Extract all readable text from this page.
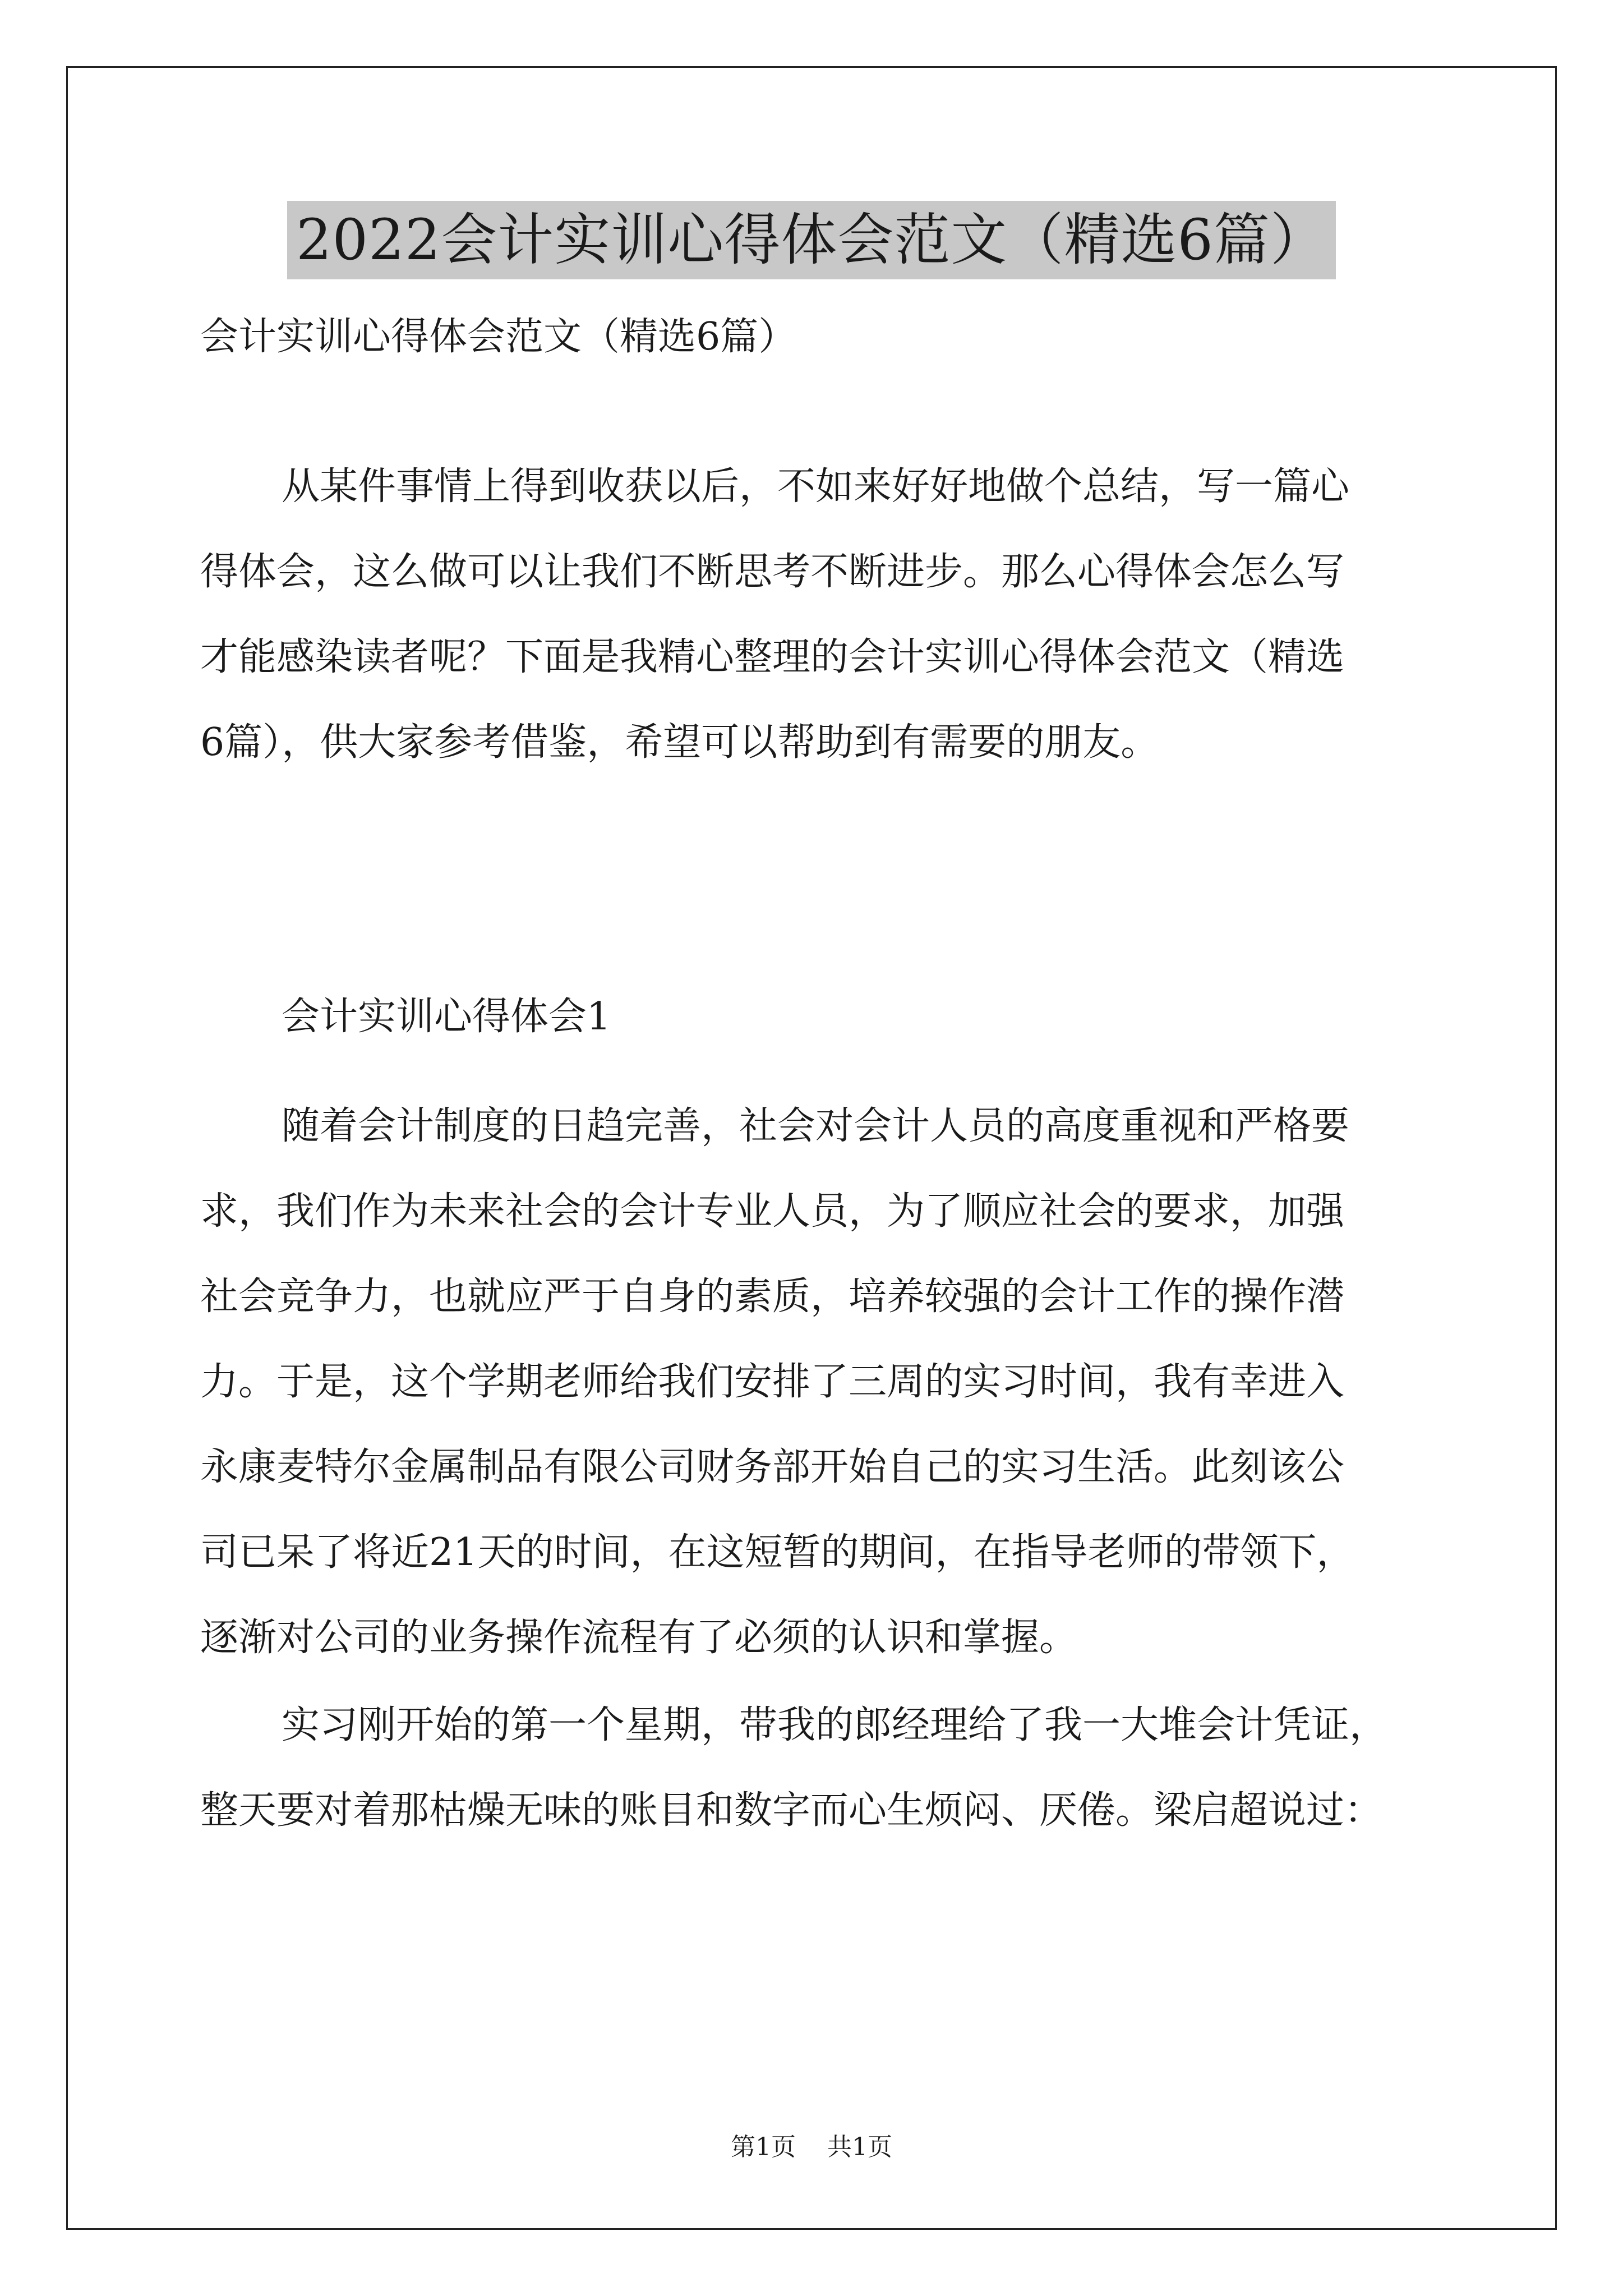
2022会计实训心得体会范文（精选6篇）
会计实训心得体会范文（精选6篇）
从某件事情上得到收获以后，不如来好好地做个总结，写一篇心
得体会，这么做可以让我们不断思考不断进步。那么心得体会怎么写
才能感染读者呢？下面是我精心整理的会计实训心得体会范文（精选
6篇），供大家参考借鉴，希望可以帮助到有需要的朋友。
会计实训心得体会1
随着会计制度的日趋完善，社会对会计人员的高度重视和严格要
求，我们作为未来社会的会计专业人员，为了顺应社会的要求，加强
社会竞争力，也就应严于自身的素质，培养较强的会计工作的操作潜
力。于是，这个学期老师给我们安排了三周的实习时间，我有幸进入
永康麦特尔金属制品有限公司财务部开始自己的实习生活。此刻该公
司已呆了将近21天的时间，在这短暂的期间，在指导老师的带领下，
逐渐对公司的业务操作流程有了必须的认识和掌握。
实习刚开始的第一个星期，带我的郎经理给了我一大堆会计凭证，
整天要对着那枯燥无味的账目和数字而心生烦闷、厌倦。梁启超说过：
第1页 共1页
